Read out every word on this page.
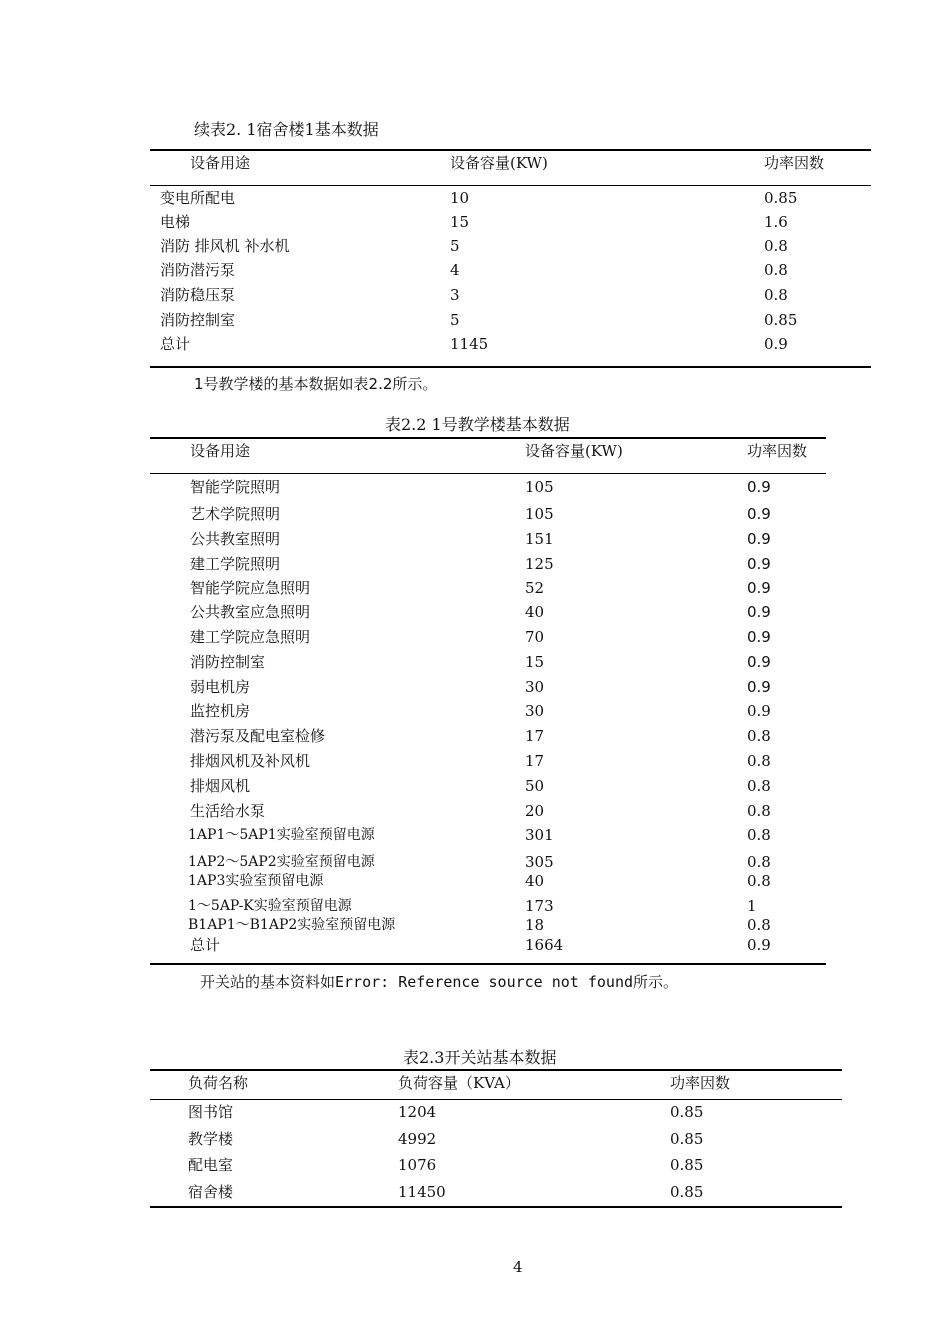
续表2. 1宿舍楼1基本数据
设备用途	设备容量(KW)	功率因数
变电所配电	10	0.85
电梯	15	1.6
消防 排风机 补水机	5	0.8
消防潜污泵	4	0.8
消防稳压泵	3	0.8
消防控制室	5	0.85
总计	1145	0.9
1号教学楼的基本数据如表2.2所示。
表2.2 1号教学楼基本数据
设备用途	设备容量(KW)	功率因数
智能学院照明	105	0.9
艺术学院照明	105	0.9
公共教室照明	151	0.9
建工学院照明	125	0.9
智能学院应急照明	52	0.9
公共教室应急照明	40	0.9
建工学院应急照明	70	0.9
消防控制室	15	0.9
弱电机房	30	0.9
监控机房	30	0.9
潜污泵及配电室检修	17	0.8
排烟风机及补风机	17	0.8
排烟风机	50	0.8
生活给水泵	20	0.8
1AP1～5AP1实验室预留电源	301	0.8
1AP2～5AP2实验室预留电源	305	0.8
1AP3实验室预留电源	40	0.8
1～5AP-K实验室预留电源	173	1
B1AP1～B1AP2实验室预留电源	18	0.8
总计	1664	0.9
开关站的基本资料如Error: Reference source not found所示。
表2.3开关站基本数据
负荷名称	负荷容量（KVA）	功率因数
图书馆	1204	0.85
教学楼	4992	0.85
配电室	1076	0.85
宿舍楼	11450	0.85
4
